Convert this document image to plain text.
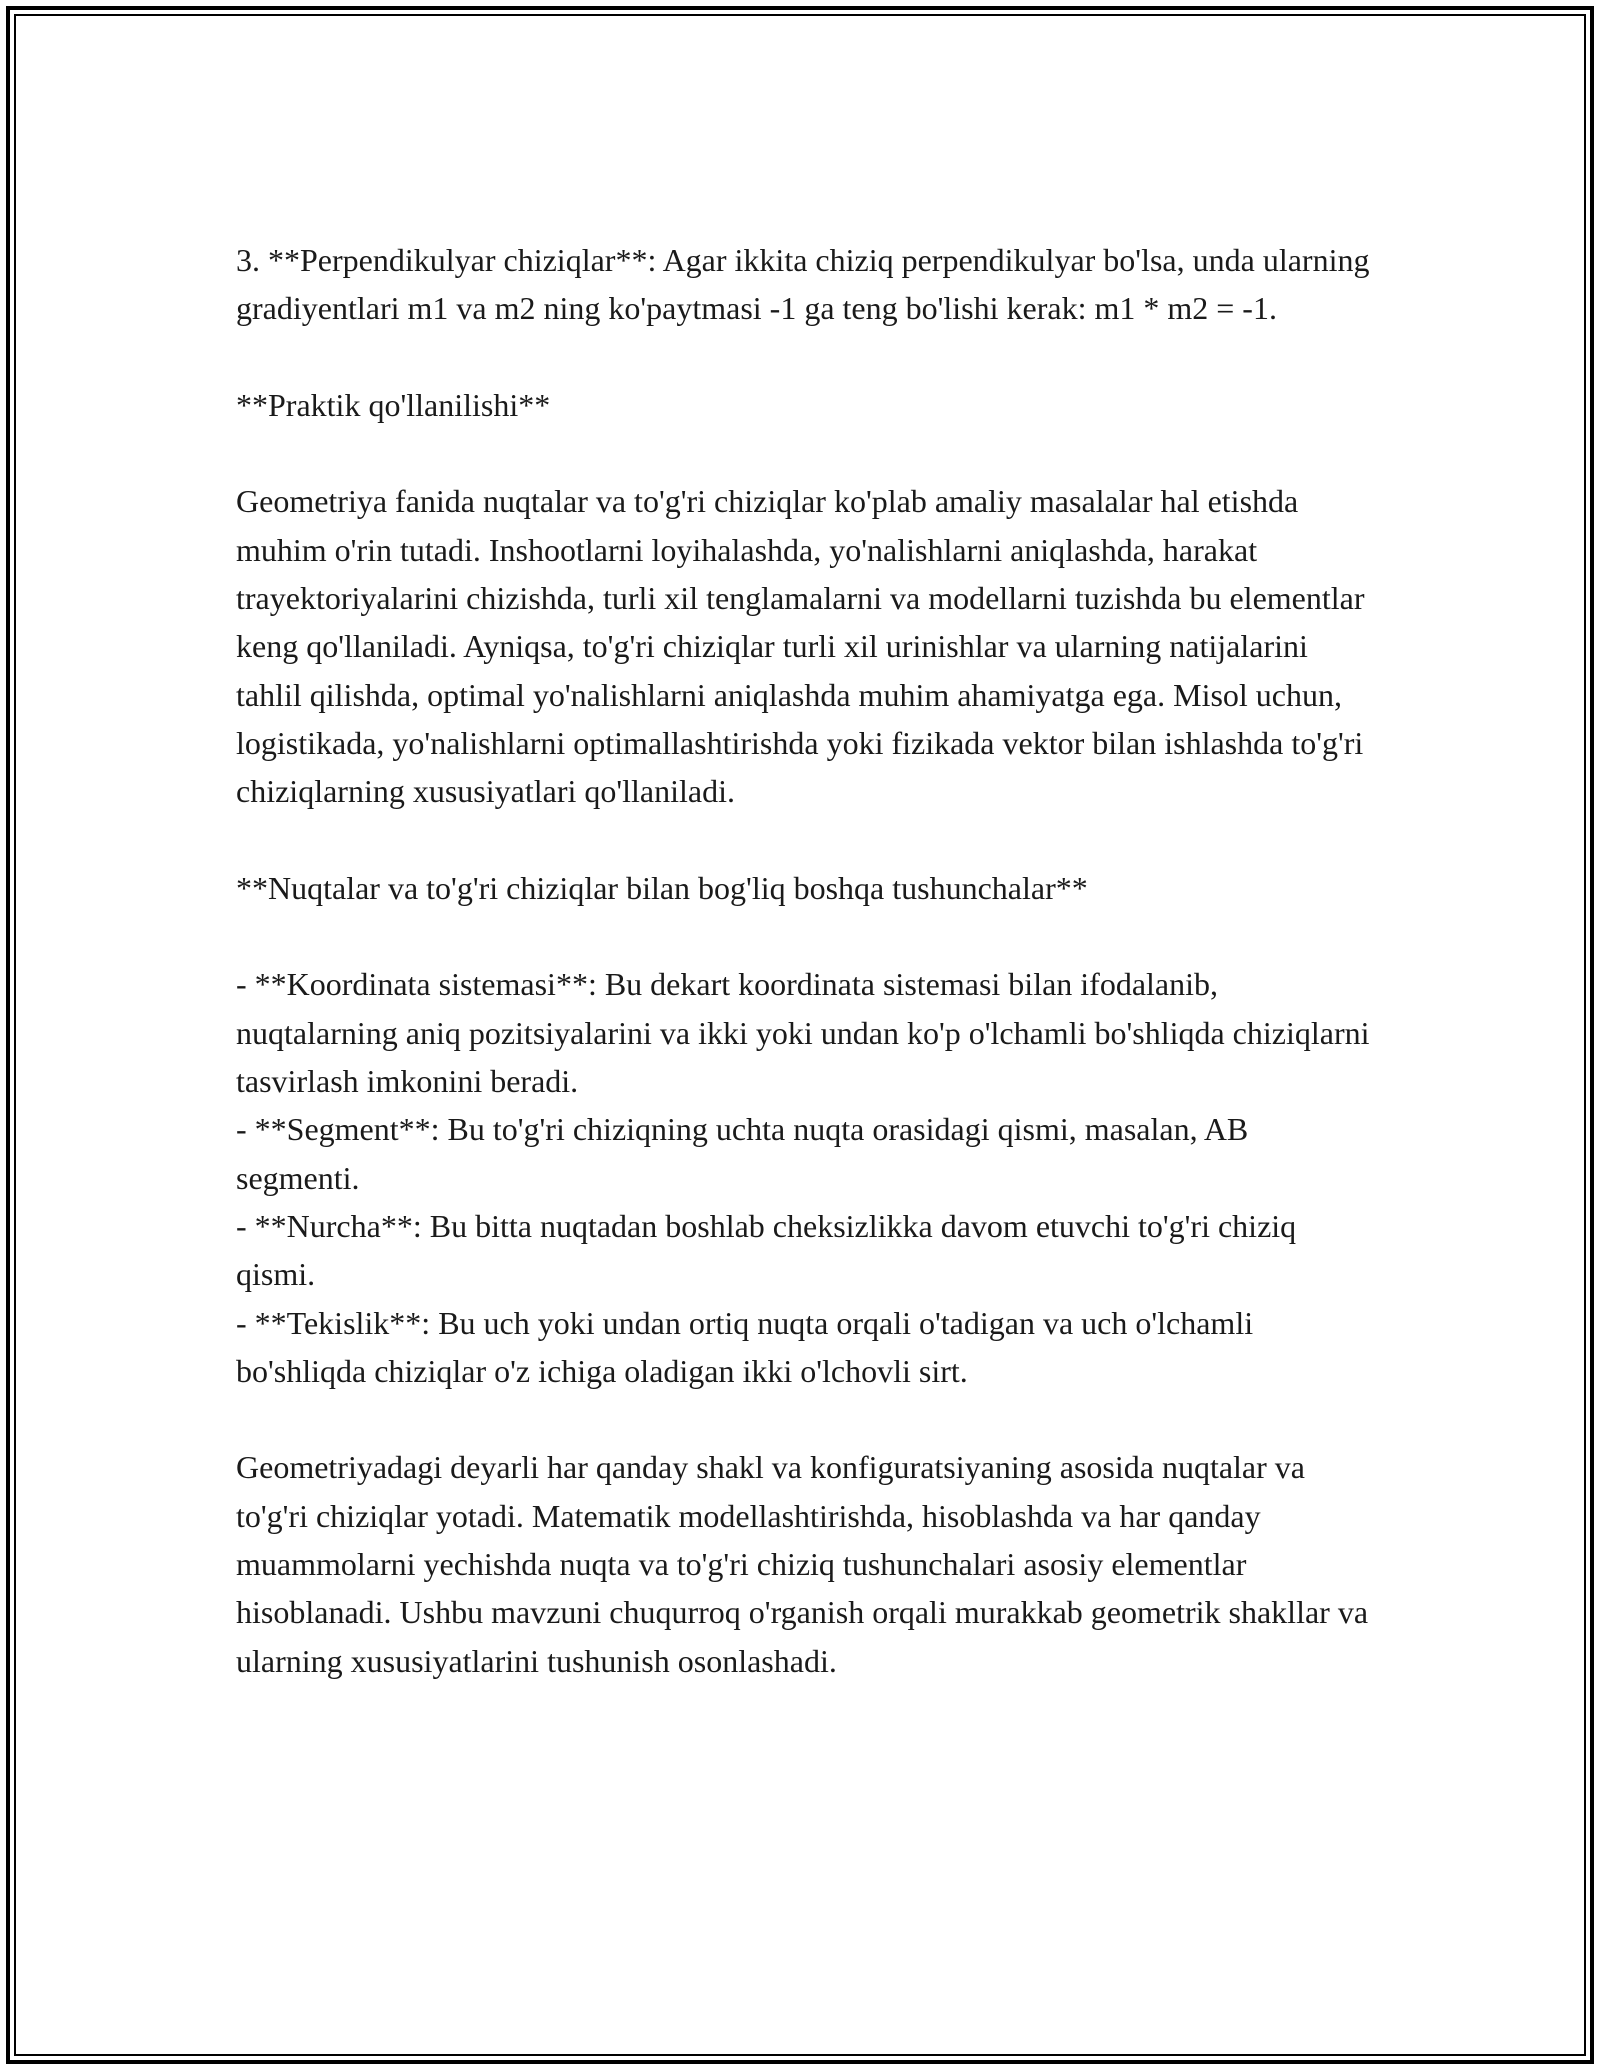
3. **Perpendikulyar chiziqlar**: Agar ikkita chiziq perpendikulyar bo'lsa, unda ularning gradiyentlari m1 va m2 ning ko'paytmasi -1 ga teng bo'lishi kerak: m1 * m2 = -1.

**Praktik qo'llanilishi**

Geometriya fanida nuqtalar va to'g'ri chiziqlar ko'plab amaliy masalalar hal etishda muhim o'rin tutadi. Inshootlarni loyihalashda, yo'nalishlarni aniqlashda, harakat trayektoriyalarini chizishda, turli xil tenglamalarni va modellarni tuzishda bu elementlar keng qo'llaniladi. Ayniqsa, to'g'ri chiziqlar turli xil urinishlar va ularning natijalarini tahlil qilishda, optimal yo'nalishlarni aniqlashda muhim ahamiyatga ega. Misol uchun, logistikada, yo'nalishlarni optimallashtirishda yoki fizikada vektor bilan ishlashda to'g'ri chiziqlarning xususiyatlari qo'llaniladi.

**Nuqtalar va to'g'ri chiziqlar bilan bog'liq boshqa tushunchalar**

- **Koordinata sistemasi**: Bu dekart koordinata sistemasi bilan ifodalanib, nuqtalarning aniq pozitsiyalarini va ikki yoki undan ko'p o'lchamli bo'shliqda chiziqlarni tasvirlash imkonini beradi.

- **Segment**: Bu to'g'ri chiziqning uchta nuqta orasidagi qismi, masalan, AB segmenti.

- **Nurcha**: Bu bitta nuqtadan boshlab cheksizlikka davom etuvchi to'g'ri chiziq qismi.

- **Tekislik**: Bu uch yoki undan ortiq nuqta orqali o'tadigan va uch o'lchamli bo'shliqda chiziqlar o'z ichiga oladigan ikki o'lchovli sirt.

Geometriyadagi deyarli har qanday shakl va konfiguratsiyaning asosida nuqtalar va to'g'ri chiziqlar yotadi. Matematik modellashtirishda, hisoblashda va har qanday muammolarni yechishda nuqta va to'g'ri chiziq tushunchalari asosiy elementlar hisoblanadi. Ushbu mavzuni chuqurroq o'rganish orqali murakkab geometrik shakllar va ularning xususiyatlarini tushunish osonlashadi.
